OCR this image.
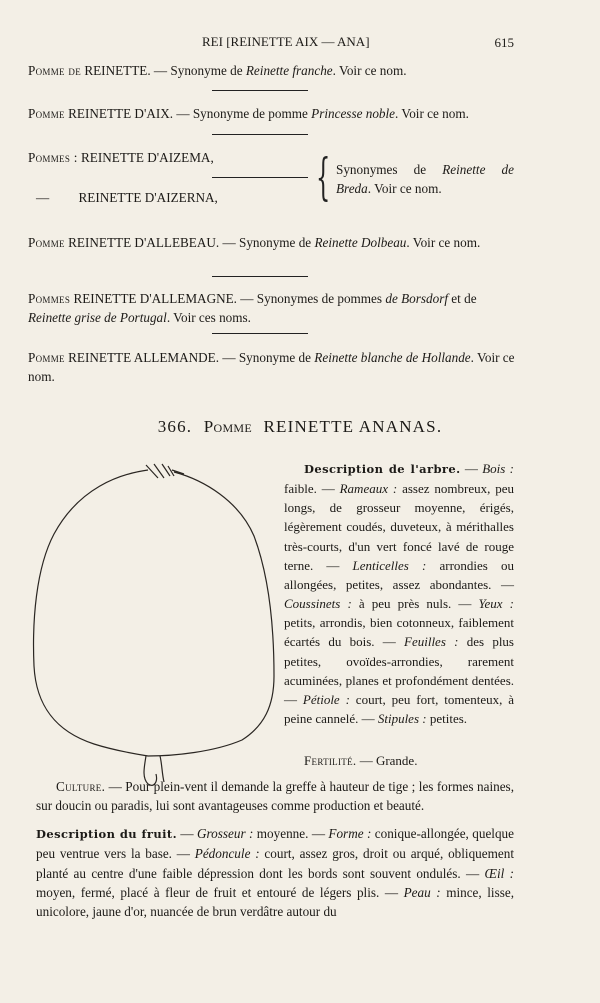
REI [REINETTE AIX — ANA]	615
Pomme de REINETTE. — Synonyme de Reinette franche. Voir ce nom.
Pomme REINETTE D'AIX. — Synonyme de pomme Princesse noble. Voir ce nom.
Pommes : REINETTE D'AIZEMA,
— REINETTE D'AIZERNA, { Synonymes de Reinette de
Breda. Voir ce nom.
Pomme REINETTE D'ALLEBEAU. — Synonyme de Reinette Dolbeau. Voir ce nom.
Pommes REINETTE D'ALLEMAGNE. — Synonymes de pommes de Borsdorf et de Reinette grise de Portugal. Voir ces noms.
Pomme REINETTE ALLEMANDE. — Synonyme de Reinette blanche de Hollande. Voir ce nom.
366. Pomme REINETTE ANANAS.
Description de l'arbre. — Bois : faible. — Rameaux : assez nombreux, peu longs, de grosseur moyenne, érigés, légèrement coudés, duveteux, à mérithalles très-courts, d'un vert foncé lavé de rouge terne. — Lenticelles : arrondies ou allongées, petites, assez abondantes. — Coussinets : à peu près nuls. — Yeux : petits, arrondis, bien cotonneux, faiblement écartés du bois. — Feuilles : des plus petites, ovoïdes-arrondies, rarement acuminées, planes et profondément dentées. — Pétiole : court, peu fort, tomenteux, à peine cannelé. — Stipules : petites.
Fertilité. — Grande.
Culture. — Pour plein-vent il demande la greffe à hauteur de tige ; les formes naines, sur doucin ou paradis, lui sont avantageuses comme production et beauté.
Description du fruit. — Grosseur : moyenne. — Forme : conique-allongée, quelque peu ventrue vers la base. — Pédoncule : court, assez gros, droit ou arqué, obliquement planté au centre d'une faible dépression dont les bords sont souvent ondulés. — Œil : moyen, fermé, placé à fleur de fruit et entouré de légers plis. — Peau : mince, lisse, unicolore, jaune d'or, nuancée de brun verdâtre autour du
